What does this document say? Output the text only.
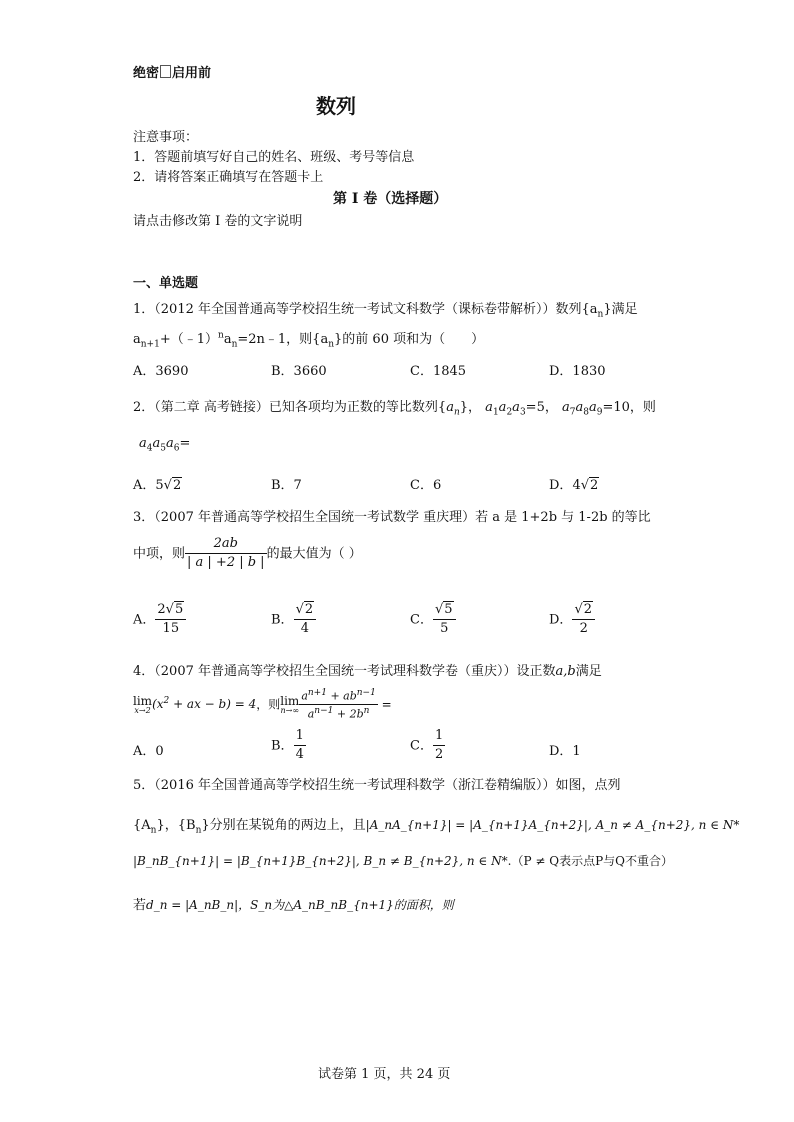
绝密 启用前
数列
注意事项：
1．答题前填写好自己的姓名、班级、考号等信息
2．请将答案正确填写在答题卡上
第 I 卷（选择题）
请点击修改第 I 卷的文字说明
一、单选题
1．（2012 年全国普通高等学校招生统一考试文科数学（课标卷带解析））数列$\{a_n\}$满足
$a_{n+1}+(﹣1)^na_n=2n﹣1$，则$\{a_n\}$的前 60 项和为（　　）
A．3690	B．3660	C．1845	D．1830
2．（第二章 高考链接）已知各项均为正数的等比数列$\{a_n\}$， $a_1a_2a_3=5$， $a_7a_8a_9=10$，则
$a_4a_5a_6=$
A．5√2	B．7	C．6	D．4√2
3．（2007 年普通高等学校招生全国统一考试数学 重庆理）若 a 是 1+2b 与 1-2b 的等比
中项，则 $\frac{2ab}{| a | +2 | b |}$ 的最大值为（ ）
A． $\frac{2√5}{15}$	B． $\frac{√2}{4}$	C． $\frac{√5}{5}$	D． $\frac{√2}{2}$
4．（2007 年普通高等学校招生全国统一考试理科数学卷（重庆））设正数a,b满足
lim
x→2 ($x^2$ + ax − b) = 4，则lim
$n\to\infty \frac{a^{n+1} + ab^{n-1}}{a^{n-1} + 2b^n}$ =
A．0	B． $\frac{1}{4}$	C． $\frac{1}{2}$	D．1
5．（2016 年全国普通高等学校招生统一考试理科数学（浙江卷精编版））如图，点列
$\{A_n\}$，$\{B_n\}$分别在某锐角的两边上，且|A_nA_{n+1}| = |A_{n+1}A_{n+2}|, A_n ≠ A_{n+2}, n ∈ N*
|B_nB_{n+1}| = |B_{n+1}B_{n+2}|, B_n ≠ B_{n+2}, n ∈ N*.（P ≠ Q表示点P与Q不重合）
若d_n = |A_nB_n|，S_n为△A_nB_nB_{n+1}的面积，则
试卷第 1 页，共 24 页
